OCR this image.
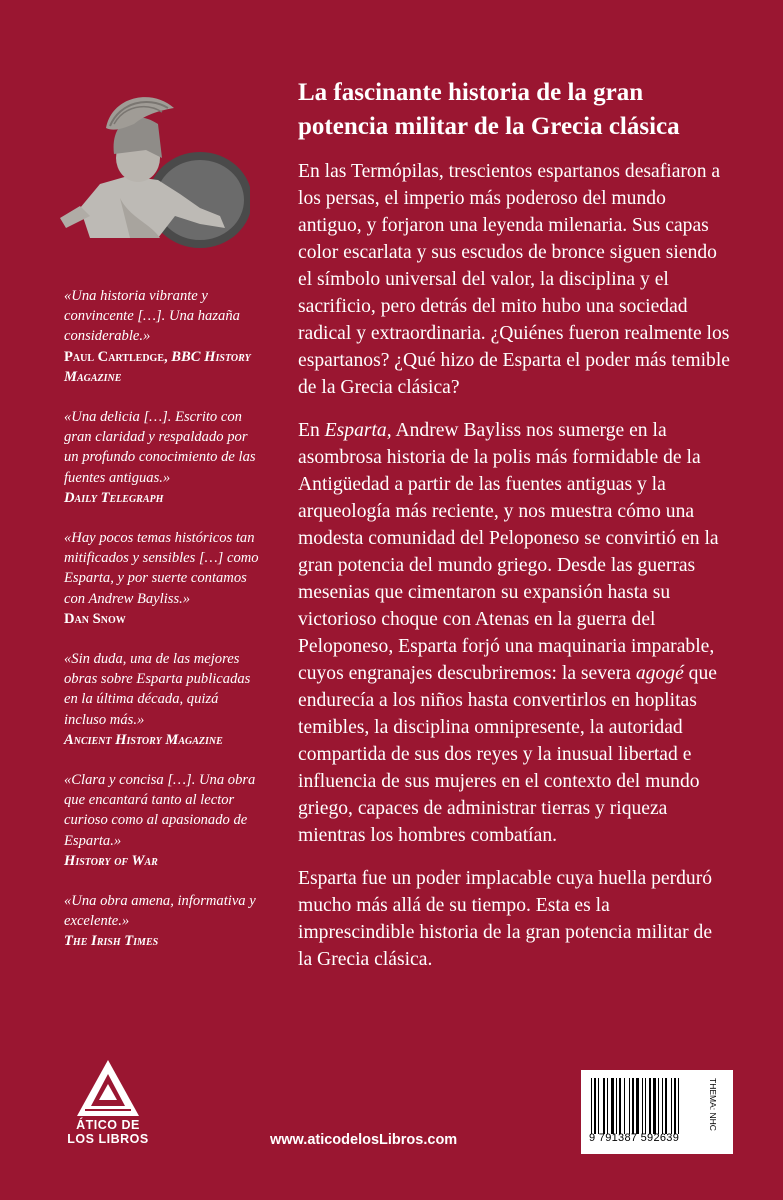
«Una historia vibrante y convincente […]. Una hazaña considerable.»

Paul Cartledge, BBC History Magazine

«Una delicia […]. Escrito con gran claridad y respaldado por un profundo conocimiento de las fuentes antiguas.»

Daily Telegraph

«Hay pocos temas históricos tan mitificados y sensibles […] como Esparta, y por suerte contamos con Andrew Bayliss.»

Dan Snow

«Sin duda, una de las mejores obras sobre Esparta publicadas en la última década, quizá incluso más.»

Ancient History Magazine

«Clara y concisa […]. Una obra que encantará tanto al lector curioso como al apasionado de Esparta.»

History of War

«Una obra amena, informativa y excelente.»

The Irish Times

La fascinante historia de la gran potencia militar de la Grecia clásica

En las Termópilas, trescientos espartanos desafiaron a los persas, el imperio más poderoso del mundo antiguo, y forjaron una leyenda milenaria. Sus capas color escarlata y sus escudos de bronce siguen siendo el símbolo universal del valor, la disciplina y el sacrificio, pero detrás del mito hubo una sociedad radical y extraordinaria. ¿Quiénes fueron realmente los espartanos? ¿Qué hizo de Esparta el poder más temible de la Grecia clásica?

En Esparta, Andrew Bayliss nos sumerge en la asombrosa historia de la polis más formidable de la Antigüedad a partir de las fuentes antiguas y la arqueología más reciente, y nos muestra cómo una modesta comunidad del Peloponeso se convirtió en la gran potencia del mundo griego. Desde las guerras mesenias que cimentaron su expansión hasta su victorioso choque con Atenas en la guerra del Peloponeso, Esparta forjó una maquinaria imparable, cuyos engranajes descubriremos: la severa agogé que endurecía a los niños hasta convertirlos en hoplitas temibles, la disciplina omnipresente, la autoridad compartida de sus dos reyes y la inusual libertad e influencia de sus mujeres en el contexto del mundo griego, capaces de administrar tierras y riqueza mientras los hombres combatían.

Esparta fue un poder implacable cuya huella perduró mucho más allá de su tiempo. Esta es la imprescindible historia de la gran potencia militar de la Grecia clásica.

ÁTICO DE
LOS LIBROS	www.aticodelosLibros.com	9 791387 592639
THEMA: NHC
